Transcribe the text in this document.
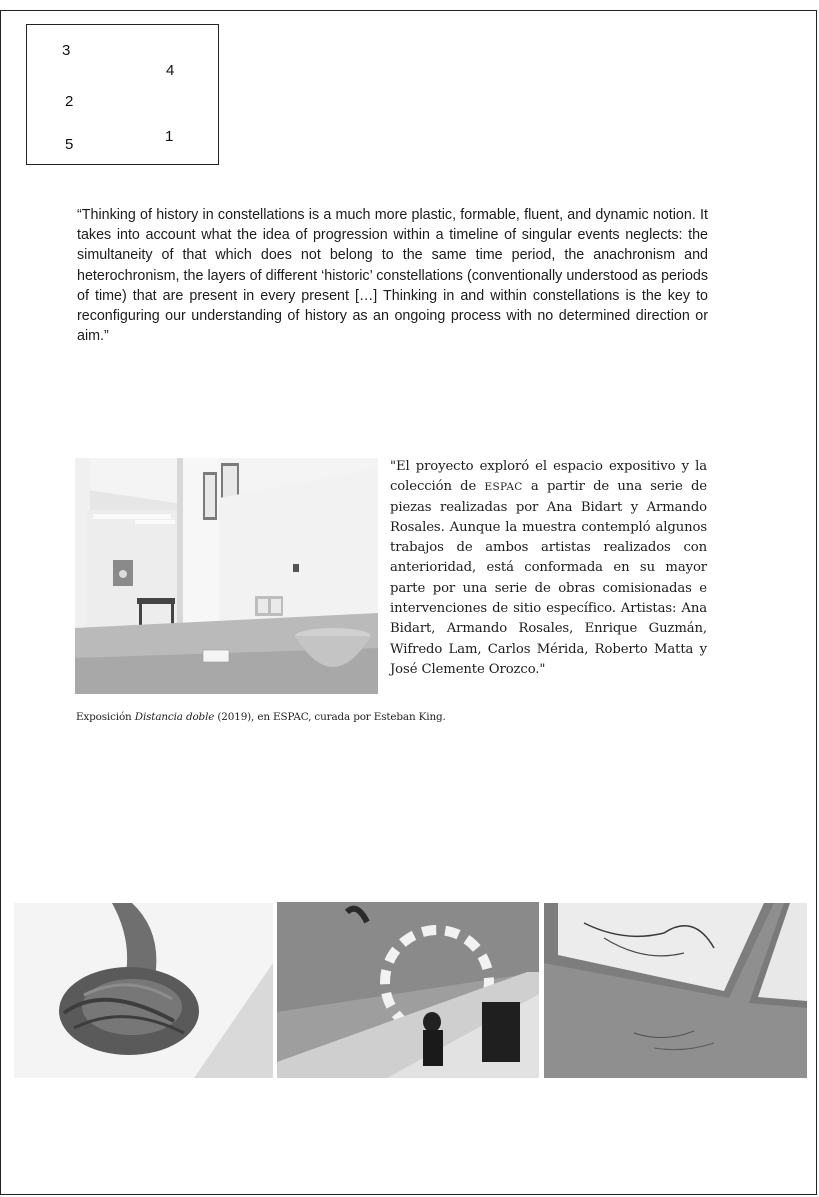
3
4
2
5	1

“Thinking of history in constellations is a much more plastic, formable, fluent, and dynamic notion. It takes into account what the idea of progression within a timeline of singular events neglects: the simultaneity of that which does not belong to the same time period, the anachronism and heterochronism, the layers of different ‘historic’ constellations (conventionally understood as periods of time) that are present in every present […] Thinking in and within constellations is the key to reconfiguring our understanding of history as an ongoing process with no determined direction or aim.”

"El proyecto exploró el espacio expositivo y la colección de ESPAC a partir de una serie de piezas realizadas por Ana Bidart y Armando Rosales. Aunque la muestra contempló algunos trabajos de ambos artistas realizados con anterioridad, está conformada en su mayor parte por una serie de obras comisionadas e intervenciones de sitio específico. Artistas: Ana Bidart, Armando Rosales, Enrique Guzmán, Wifredo Lam, Carlos Mérida, Roberto Matta y José Clemente Orozco."

Exposición Distancia doble (2019), en ESPAC, curada por Esteban King.
